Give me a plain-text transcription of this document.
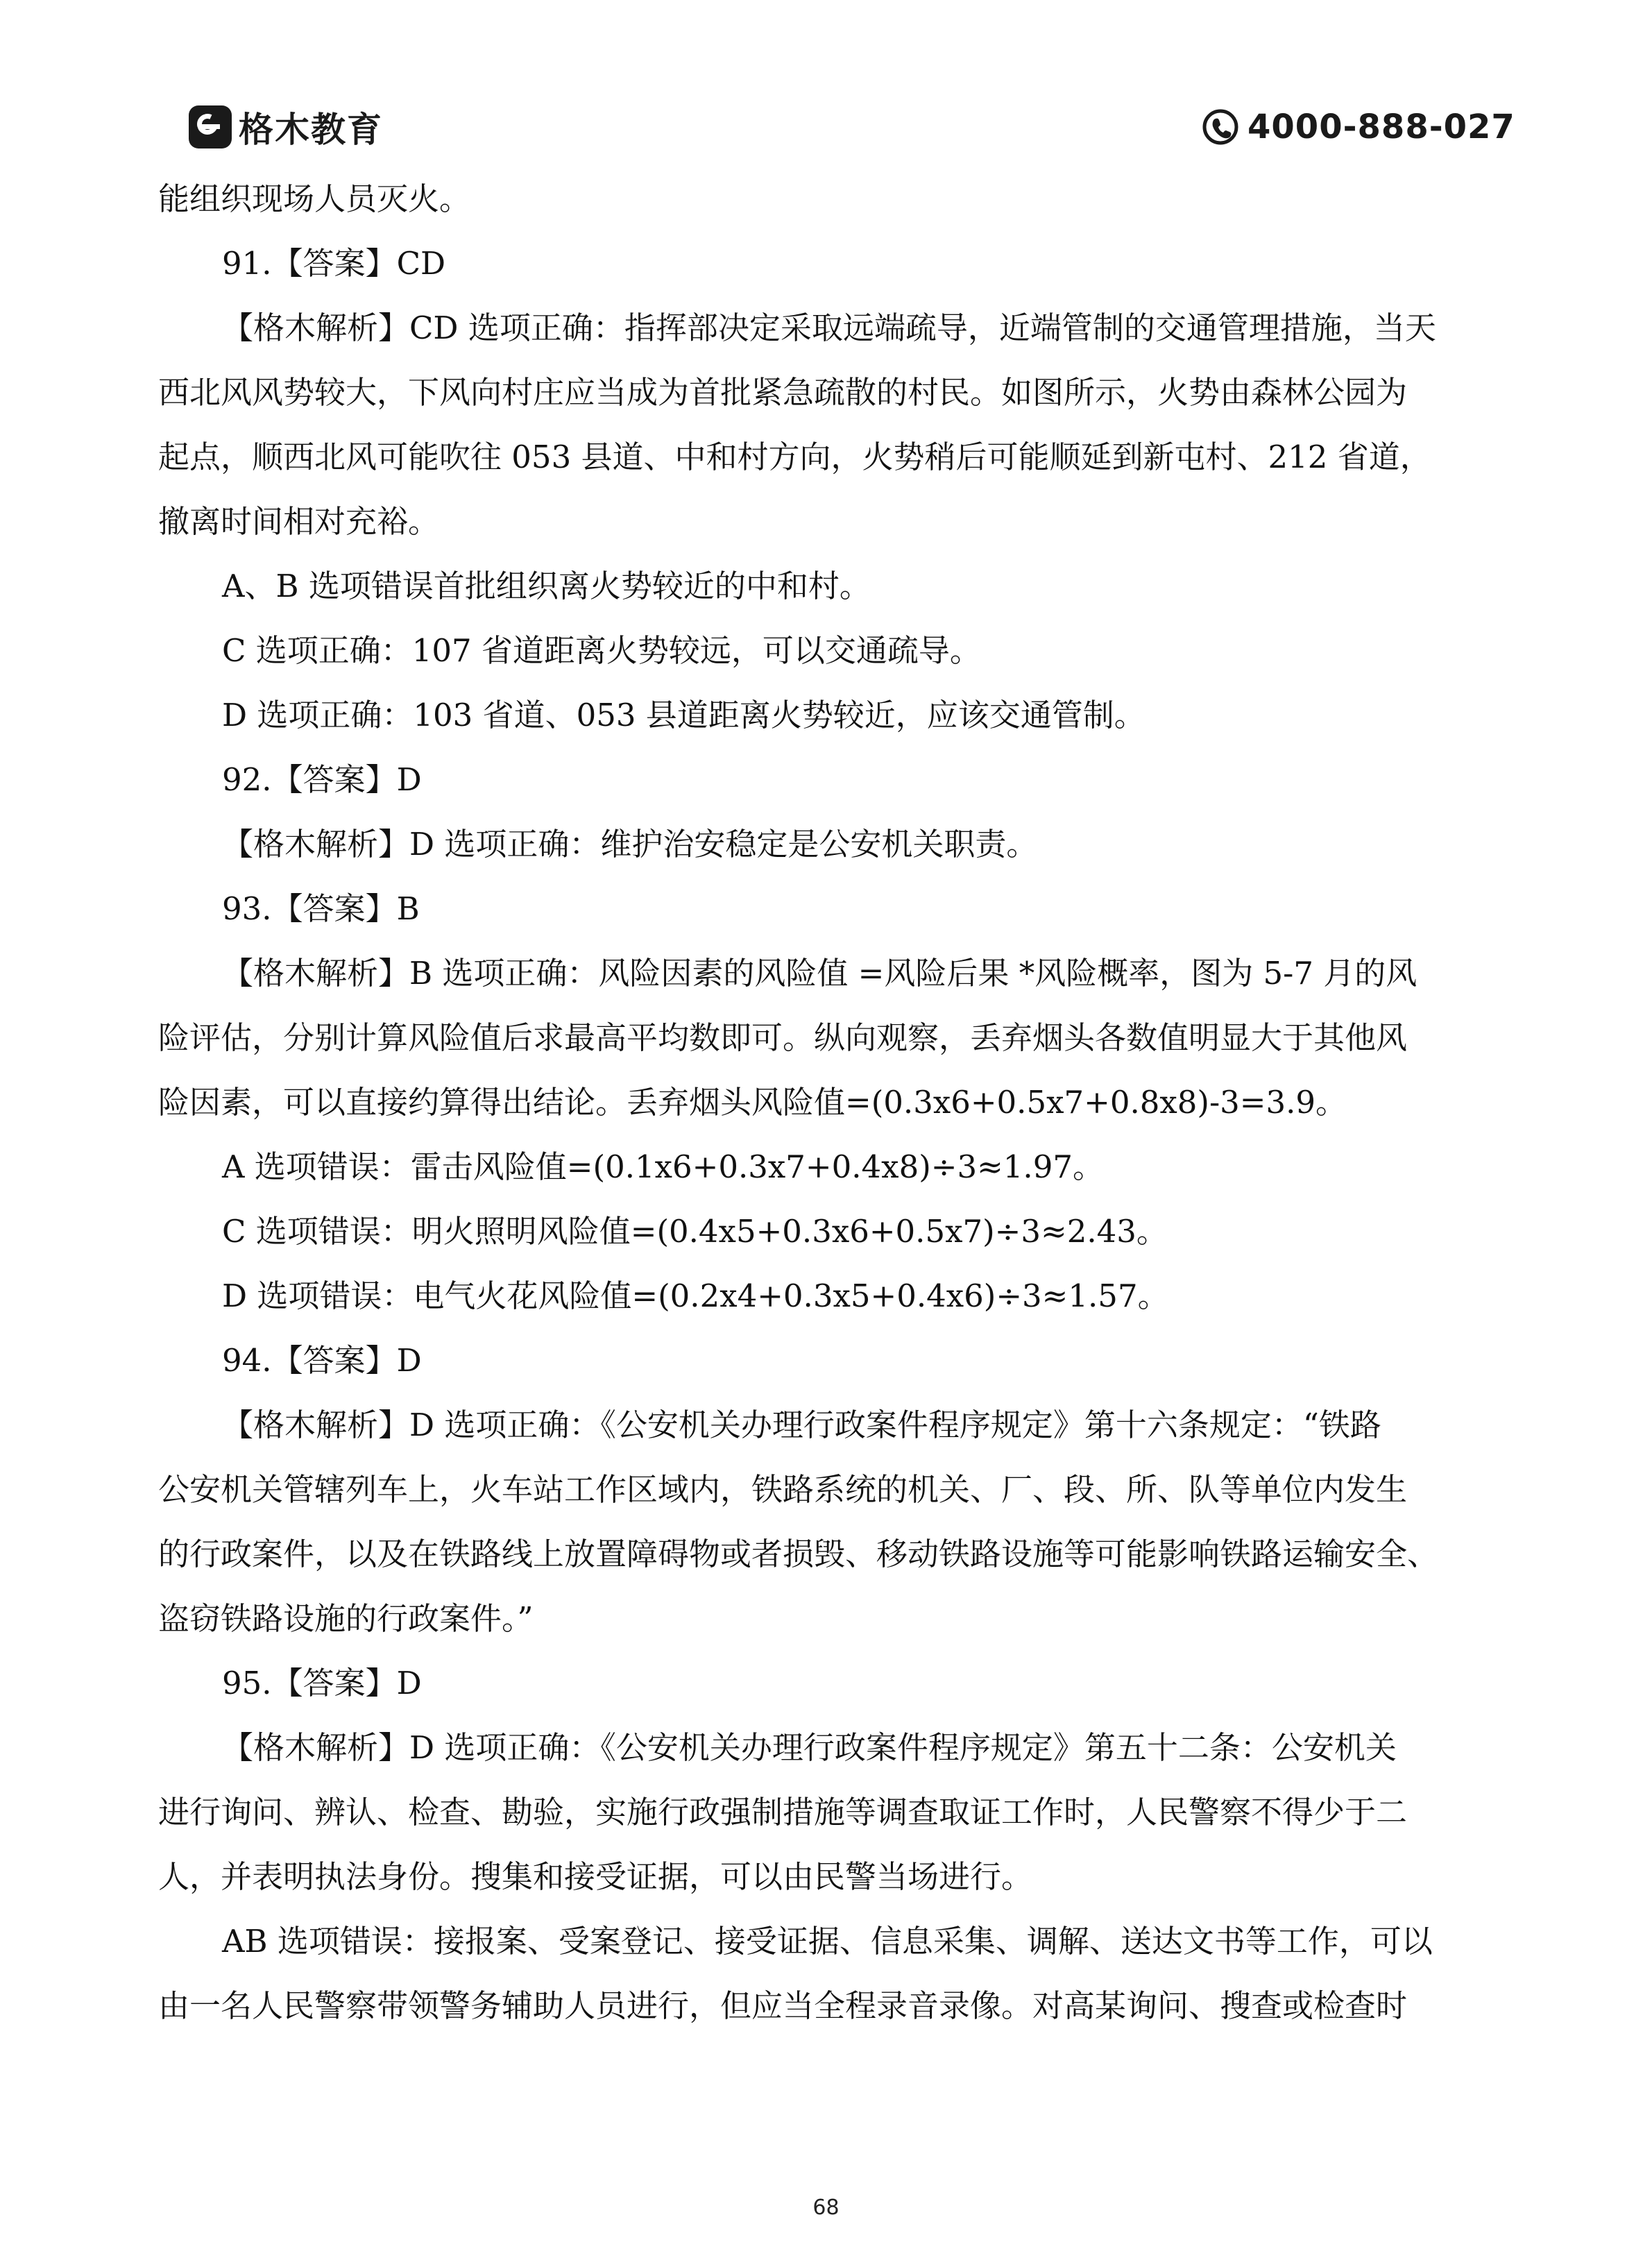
格木教育	4000-888-027
能组织现场人员灭火。
91.【答案】CD
【格木解析】CD 选项正确：指挥部决定采取远端疏导，近端管制的交通管理措施，当天
西北风风势较大，下风向村庄应当成为首批紧急疏散的村民。如图所示，火势由森林公园为
起点，顺西北风可能吹往 053 县道、中和村方向，火势稍后可能顺延到新屯村、212 省道，
撤离时间相对充裕。
A、B 选项错误首批组织离火势较近的中和村。
C 选项正确：107 省道距离火势较远，可以交通疏导。
D 选项正确：103 省道、053 县道距离火势较近，应该交通管制。
92.【答案】D
【格木解析】D 选项正确：维护治安稳定是公安机关职责。
93.【答案】B
【格木解析】B 选项正确：风险因素的风险值 =风险后果 *风险概率，图为 5-7 月的风
险评估，分别计算风险值后求最高平均数即可。纵向观察，丢弃烟头各数值明显大于其他风
险因素，可以直接约算得出结论。丢弃烟头风险值=(0.3x6+0.5x7+0.8x8)-3=3.9。
A 选项错误：雷击风险值=(0.1x6+0.3x7+0.4x8)÷3≈1.97。
C 选项错误：明火照明风险值=(0.4x5+0.3x6+0.5x7)÷3≈2.43。
D 选项错误：电气火花风险值=(0.2x4+0.3x5+0.4x6)÷3≈1.57。
94.【答案】D
【格木解析】D 选项正确：《公安机关办理行政案件程序规定》第十六条规定：“铁路
公安机关管辖列车上，火车站工作区域内，铁路系统的机关、厂、段、所、队等单位内发生
的行政案件，以及在铁路线上放置障碍物或者损毁、移动铁路设施等可能影响铁路运输安全、
盗窃铁路设施的行政案件。”
95.【答案】D
【格木解析】D 选项正确：《公安机关办理行政案件程序规定》第五十二条：公安机关
进行询问、辨认、检查、勘验，实施行政强制措施等调查取证工作时，人民警察不得少于二
人，并表明执法身份。搜集和接受证据，可以由民警当场进行。
AB 选项错误：接报案、受案登记、接受证据、信息采集、调解、送达文书等工作，可以
由一名人民警察带领警务辅助人员进行，但应当全程录音录像。对高某询问、搜查或检查时
68
